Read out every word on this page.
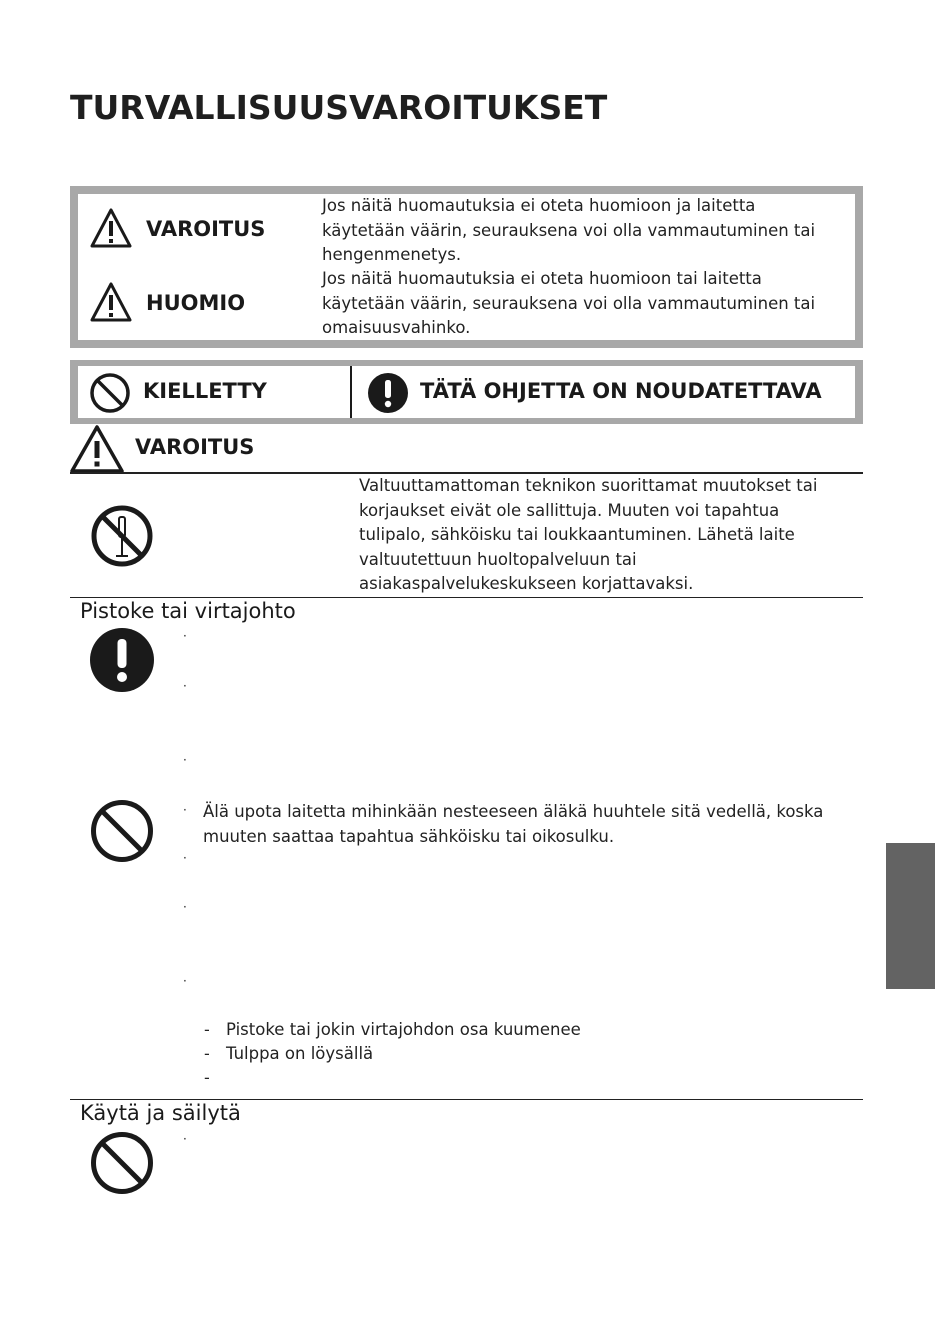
TURVALLISUUSVAROITUKSET
VAROITUS
Jos näitä huomautuksia ei oteta huomioon ja laitetta
käytetään väärin, seurauksena voi olla vammautuminen tai
hengenmenetys.
HUOMIO
Jos näitä huomautuksia ei oteta huomioon tai laitetta
käytetään väärin, seurauksena voi olla vammautuminen tai
omaisuusvahinko.
KIELLETTY	TÄTÄ OHJETTA ON NOUDATETTAVA
VAROITUS
Valtuuttamattoman teknikon suorittamat muutokset tai
korjaukset eivät ole sallittuja. Muuten voi tapahtua
tulipalo, sähköisku tai loukkaantuminen. Lähetä laite
valtuutettuun huoltopalveluun tai
asiakaspalvelukeskukseen korjattavaksi.
Pistoke tai virtajohto
·
·
·
· Älä upota laitetta mihinkään nesteeseen äläkä huuhtele sitä vedellä, koska
muuten saattaa tapahtua sähköisku tai oikosulku.
·
·
·
- Pistoke tai jokin virtajohdon osa kuumenee
- Tulppa on löysällä
-
Käytä ja säilytä
·
